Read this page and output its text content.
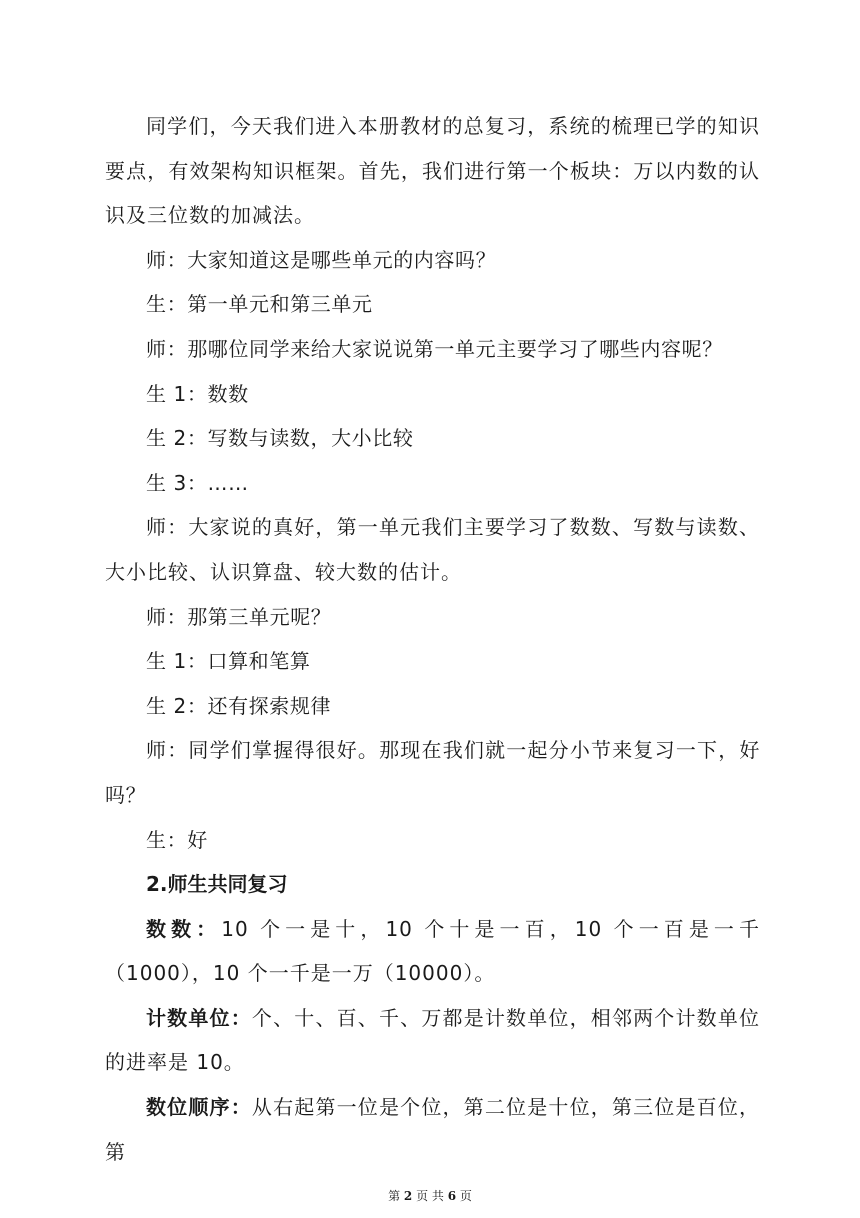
同学们，今天我们进入本册教材的总复习，系统的梳理已学的知识要点，有效架构知识框架。首先，我们进行第一个板块：万以内数的认识及三位数的加减法。

师：大家知道这是哪些单元的内容吗？

生：第一单元和第三单元

师：那哪位同学来给大家说说第一单元主要学习了哪些内容呢？

生 1：数数

生 2：写数与读数，大小比较

生 3：……

师：大家说的真好，第一单元我们主要学习了数数、写数与读数、大小比较、认识算盘、较大数的估计。

师：那第三单元呢？

生 1：口算和笔算

生 2：还有探索规律

师：同学们掌握得很好。那现在我们就一起分小节来复习一下，好吗？

生：好

2.师生共同复习

数数：10 个一是十，10 个十是一百，10 个一百是一千（1000），10 个一千是一万（10000）。

计数单位：个、十、百、千、万都是计数单位，相邻两个计数单位的进率是 10。

数位顺序：从右起第一位是个位，第二位是十位，第三位是百位，第

第 2 页 共 6 页
